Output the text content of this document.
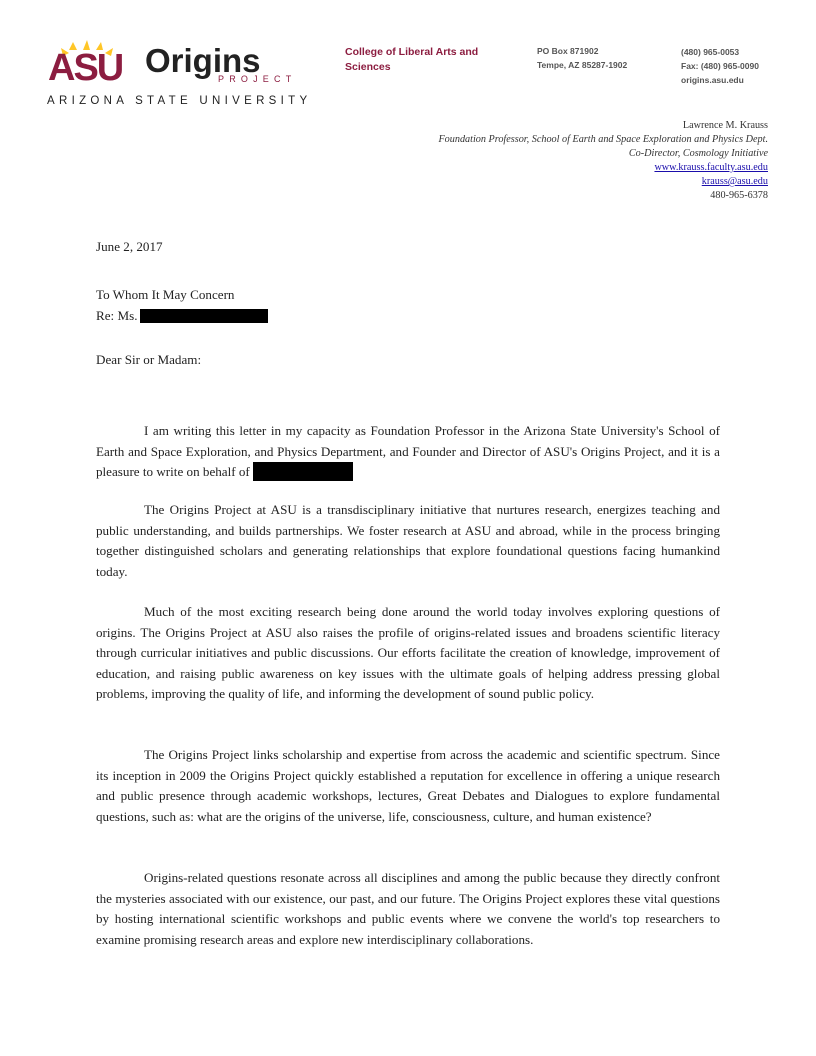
ASU Origins
PROJECT
ARIZONA STATE UNIVERSITY
College of Liberal Arts and Sciences
PO Box 871902
Tempe, AZ 85287-1902
(480) 965-0053
Fax: (480) 965-0090
origins.asu.edu
Lawrence M. Krauss
Foundation Professor, School of Earth and Space Exploration and Physics Dept.
Co-Director, Cosmology Initiative
www.krauss.faculty.asu.edu
krauss@asu.edu
480-965-6378
June 2, 2017
To Whom It May Concern
Re: Ms.
Dear Sir or Madam:
I am writing this letter in my capacity as Foundation Professor in the Arizona State University's School of Earth and Space Exploration, and Physics Department, and Founder and Director of ASU's Origins Project, and it is a pleasure to write on behalf of
The Origins Project at ASU is a transdisciplinary initiative that nurtures research, energizes teaching and public understanding, and builds partnerships. We foster research at ASU and abroad, while in the process bringing together distinguished scholars and generating relationships that explore foundational questions facing humankind today.
Much of the most exciting research being done around the world today involves exploring questions of origins. The Origins Project at ASU also raises the profile of origins-related issues and broadens scientific literacy through curricular initiatives and public discussions. Our efforts facilitate the creation of knowledge, improvement of education, and raising public awareness on key issues with the ultimate goals of helping address pressing global problems, improving the quality of life, and informing the development of sound public policy.
The Origins Project links scholarship and expertise from across the academic and scientific spectrum. Since its inception in 2009 the Origins Project quickly established a reputation for excellence in offering a unique research and public presence through academic workshops, lectures, Great Debates and Dialogues to explore fundamental questions, such as: what are the origins of the universe, life, consciousness, culture, and human existence?
Origins-related questions resonate across all disciplines and among the public because they directly confront the mysteries associated with our existence, our past, and our future. The Origins Project explores these vital questions by hosting international scientific workshops and public events where we convene the world's top researchers to examine promising research areas and explore new interdisciplinary collaborations.
